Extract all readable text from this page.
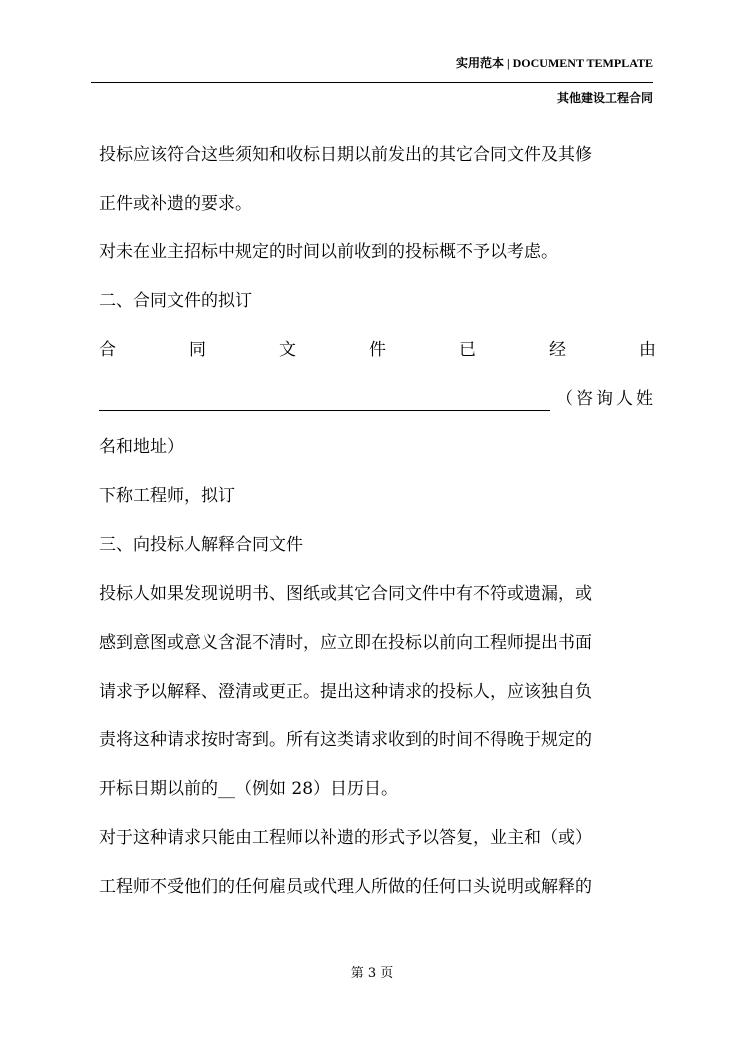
实用范本 | DOCUMENT TEMPLATE
其他建设工程合同
投标应该符合这些须知和收标日期以前发出的其它合同文件及其修
正件或补遗的要求。
对未在业主招标中规定的时间以前收到的投标概不予以考虑。
二、合同文件的拟订
合	同	文	件	已	经	由
（咨询人姓
名和地址）
下称工程师，拟订
三、向投标人解释合同文件
投标人如果发现说明书、图纸或其它合同文件中有不符或遗漏，或
感到意图或意义含混不清时，应立即在投标以前向工程师提出书面
请求予以解释、澄清或更正。提出这种请求的投标人，应该独自负
责将这种请求按时寄到。所有这类请求收到的时间不得晚于规定的
开标日期以前的__（例如 28）日历日。
对于这种请求只能由工程师以补遗的形式予以答复，业主和（或）
工程师不受他们的任何雇员或代理人所做的任何口头说明或解释的
第 3 页
